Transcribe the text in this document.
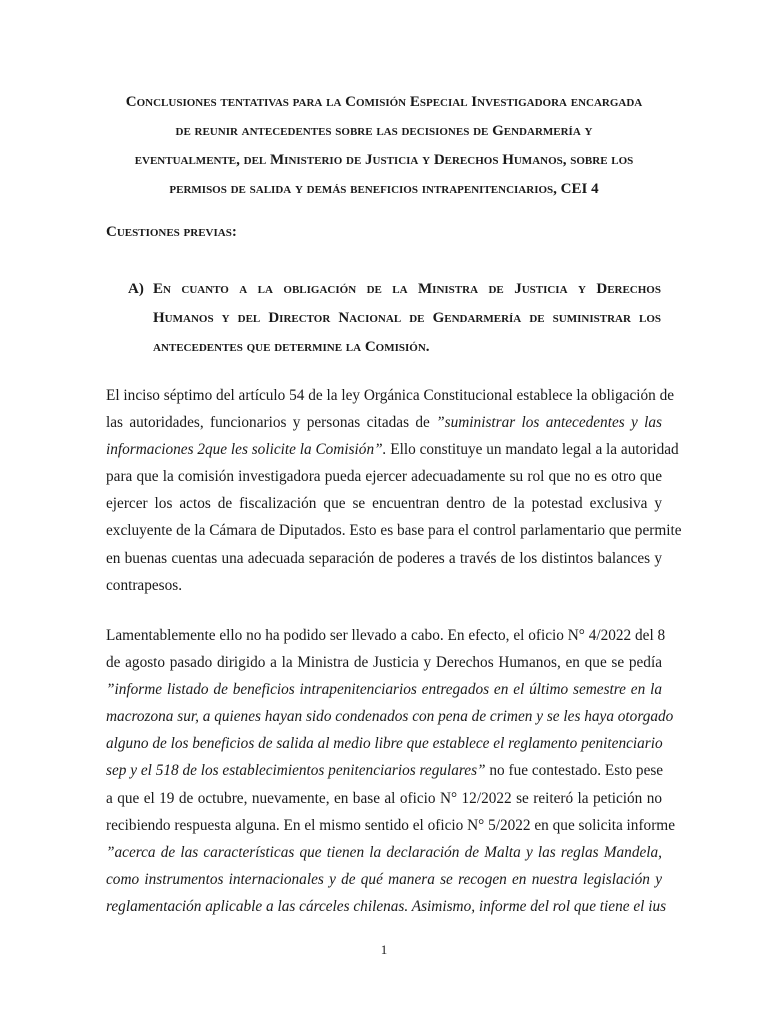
Conclusiones tentativas para la Comisión Especial Investigadora encargada
de reunir antecedentes sobre las decisiones de Gendarmería y
eventualmente, del Ministerio de Justicia y Derechos Humanos, sobre los
permisos de salida y demás beneficios intrapenitenciarios, CEI 4
Cuestiones previas:
A) En cuanto a la obligación de la Ministra de Justicia y Derechos
Humanos y del Director Nacional de Gendarmería de suministrar los
antecedentes que determine la Comisión.
El inciso séptimo del artículo 54 de la ley Orgánica Constitucional establece la obligación de
las autoridades, funcionarios y personas citadas de ”suministrar los antecedentes y las
informaciones 2que les solicite la Comisión”. Ello constituye un mandato legal a la autoridad
para que la comisión investigadora pueda ejercer adecuadamente su rol que no es otro que
ejercer los actos de fiscalización que se encuentran dentro de la potestad exclusiva y
excluyente de la Cámara de Diputados. Esto es base para el control parlamentario que permite
en buenas cuentas una adecuada separación de poderes a través de los distintos balances y
contrapesos.
Lamentablemente ello no ha podido ser llevado a cabo. En efecto, el oficio N° 4/2022 del 8
de agosto pasado dirigido a la Ministra de Justicia y Derechos Humanos, en que se pedía
”informe listado de beneficios intrapenitenciarios entregados en el último semestre en la
macrozona sur, a quienes hayan sido condenados con pena de crimen y se les haya otorgado
alguno de los beneficios de salida al medio libre que establece el reglamento penitenciario
sep y el 518 de los establecimientos penitenciarios regulares” no fue contestado. Esto pese
a que el 19 de octubre, nuevamente, en base al oficio N° 12/2022 se reiteró la petición no
recibiendo respuesta alguna. En el mismo sentido el oficio N° 5/2022 en que solicita informe
”acerca de las características que tienen la declaración de Malta y las reglas Mandela,
como instrumentos internacionales y de qué manera se recogen en nuestra legislación y
reglamentación aplicable a las cárceles chilenas. Asimismo, informe del rol que tiene el ius
1
